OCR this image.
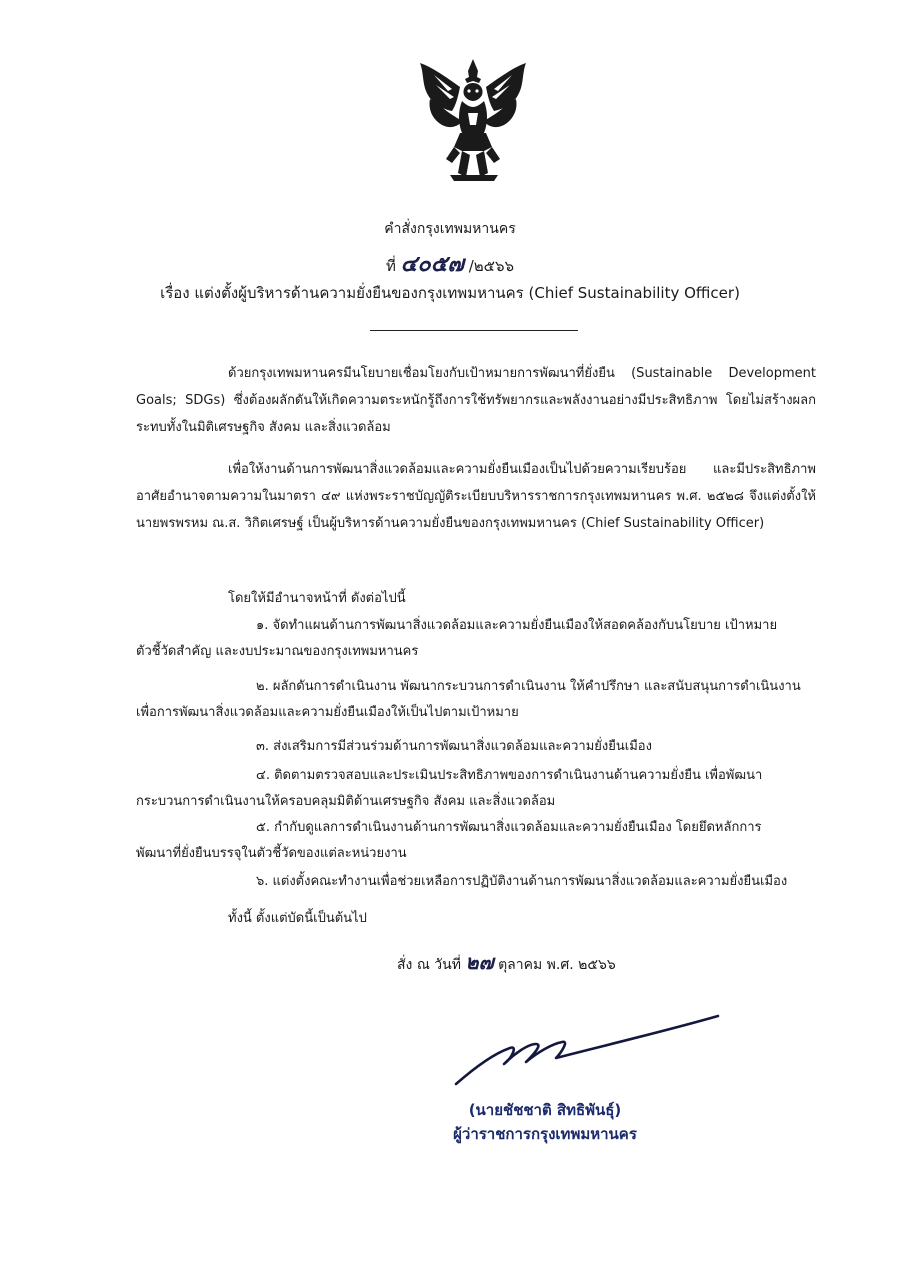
คำสั่งกรุงเทพมหานคร
ที่ ๔๐๕๗ /๒๕๖๖
เรื่อง แต่งตั้งผู้บริหารด้านความยั่งยืนของกรุงเทพมหานคร (Chief Sustainability Officer)

ด้วยกรุงเทพมหานครมีนโยบายเชื่อมโยงกับเป้าหมายการพัฒนาที่ยั่งยืน (Sustainable Development Goals; SDGs) ซึ่งต้องผลักดันให้เกิดความตระหนักรู้ถึงการใช้ทรัพยากรและพลังงานอย่างมีประสิทธิภาพ โดยไม่สร้างผลกระทบทั้งในมิติเศรษฐกิจ สังคม และสิ่งแวดล้อม

เพื่อให้งานด้านการพัฒนาสิ่งแวดล้อมและความยั่งยืนเมืองเป็นไปด้วยความเรียบร้อย และมีประสิทธิภาพ อาศัยอำนาจตามความในมาตรา ๔๙ แห่งพระราชบัญญัติระเบียบบริหารราชการกรุงเทพมหานคร พ.ศ. ๒๕๒๘ จึงแต่งตั้งให้ นายพรพรหม ณ.ส. วิกิตเศรษฐ์ เป็นผู้บริหารด้านความยั่งยืนของกรุงเทพมหานคร (Chief Sustainability Officer)

โดยให้มีอำนาจหน้าที่ ดังต่อไปนี้
๑. จัดทำแผนด้านการพัฒนาสิ่งแวดล้อมและความยั่งยืนเมืองให้สอดคล้องกับนโยบาย เป้าหมาย
ตัวชี้วัดสำคัญ และงบประมาณของกรุงเทพมหานคร
๒. ผลักดันการดำเนินงาน พัฒนากระบวนการดำเนินงาน ให้คำปรึกษา และสนับสนุนการดำเนินงาน
เพื่อการพัฒนาสิ่งแวดล้อมและความยั่งยืนเมืองให้เป็นไปตามเป้าหมาย
๓. ส่งเสริมการมีส่วนร่วมด้านการพัฒนาสิ่งแวดล้อมและความยั่งยืนเมือง
๔. ติดตามตรวจสอบและประเมินประสิทธิภาพของการดำเนินงานด้านความยั่งยืน เพื่อพัฒนา
กระบวนการดำเนินงานให้ครอบคลุมมิติด้านเศรษฐกิจ สังคม และสิ่งแวดล้อม
๕. กำกับดูแลการดำเนินงานด้านการพัฒนาสิ่งแวดล้อมและความยั่งยืนเมือง โดยยึดหลักการ
พัฒนาที่ยั่งยืนบรรจุในตัวชี้วัดของแต่ละหน่วยงาน
๖. แต่งตั้งคณะทำงานเพื่อช่วยเหลือการปฏิบัติงานด้านการพัฒนาสิ่งแวดล้อมและความยั่งยืนเมือง
ทั้งนี้ ตั้งแต่บัดนี้เป็นต้นไป
สั่ง ณ วันที่ ๒๗ ตุลาคม พ.ศ. ๒๕๖๖
(นายชัชชาติ สิทธิพันธุ์)
ผู้ว่าราชการกรุงเทพมหานคร
